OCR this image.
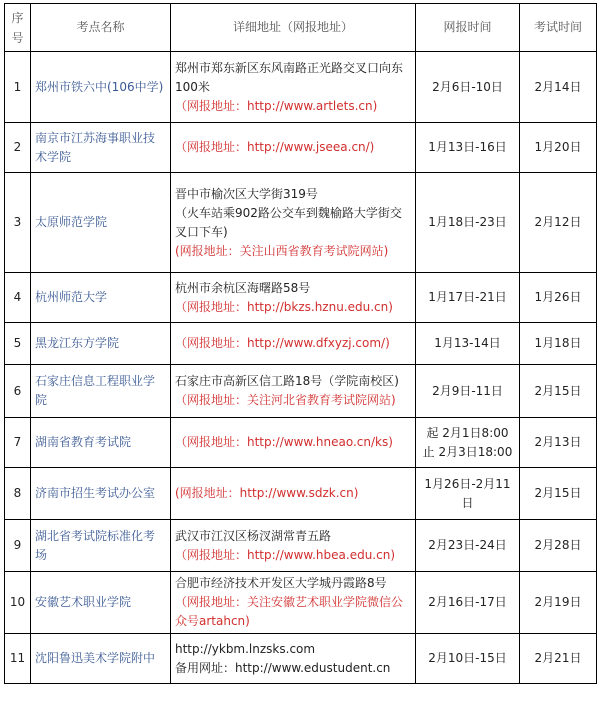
序
号	考点名称	详细地址（网报地址）	网报时间	考试时间
1	郑州市铁六中(106中学)	郑州市郑东新区东风南路正光路交叉口向东100米
（网报地址：http://www.artlets.cn)	2月6日-10日	2月14日
2	南京市江苏海事职业技术学院	（网报地址：http://www.jseea.cn/)	1月13日-16日	1月20日
3	太原师范学院	晋中市榆次区大学街319号
（火车站乘902路公交车到魏榆路大学街交叉口下车)
(网报地址：关注山西省教育考试院网站)	1月18日-23日	2月12日
4	杭州师范大学	杭州市余杭区海曙路58号
（网报地址：http://bkzs.hznu.edu.cn)	1月17日-21日	1月26日
5	黑龙江东方学院	（网报地址：http://www.dfxyzj.com/)	1月13-14日	1月18日
6	石家庄信息工程职业学院	石家庄市高新区信工路18号（学院南校区)
（网报地址：关注河北省教育考试院网站)	2月9日-11日	2月15日
7	湖南省教育考试院	（网报地址：http://www.hneao.cn/ks)	起 2月1日8:00
止 2月3日18:00	2月13日
8	济南市招生考试办公室	(网报地址：http://www.sdzk.cn)	1月26日-2月11日	2月15日
9	湖北省考试院标准化考场	武汉市江汉区杨汊湖常青五路
（网报地址：http://www.hbea.edu.cn)	2月23日-24日	2月28日
10	安徽艺术职业学院	合肥市经济技术开发区大学城丹霞路8号
（网报地址：关注安徽艺术职业学院微信公众号artahcn)	2月16日-17日	2月19日
11	沈阳鲁迅美术学院附中	http://ykbm.lnzsks.com
备用网址：http://www.edustudent.cn	2月10日-15日	2月21日
